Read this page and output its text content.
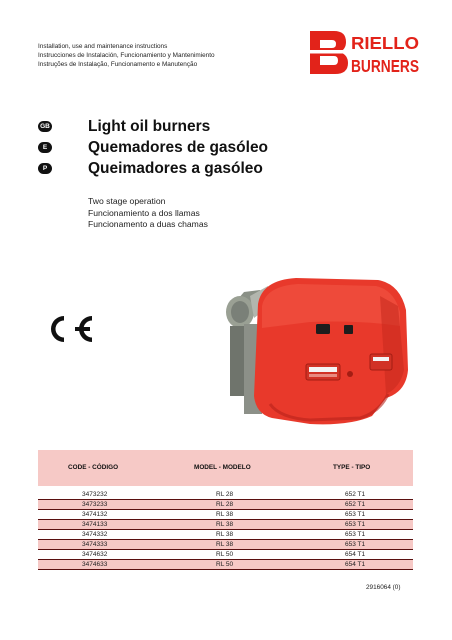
Installation, use and maintenance instructions
Instrucciones de Instalación, Funcionamiento y Mantenimiento
Instruções de Instalação, Funcionamento e Manutenção
RIELLO
BURNERS
GB Light oil burners
E	Quemadores de gasóleo
P	Queimadores a gasóleo
Two stage operation
Funcionamiento a dos llamas
Funcionamento a duas chamas
CODE - CÓDIGO	MODEL - MODELO	TYPE - TIPO
3473232	RL 28	652 T1
3473233	RL 28	652 T1
3474132	RL 38	653 T1
3474133	RL 38	653 T1
3474332	RL 38	653 T1
3474333	RL 38	653 T1
3474632	RL 50	654 T1
3474633	RL 50	654 T1
2916064 (0)
